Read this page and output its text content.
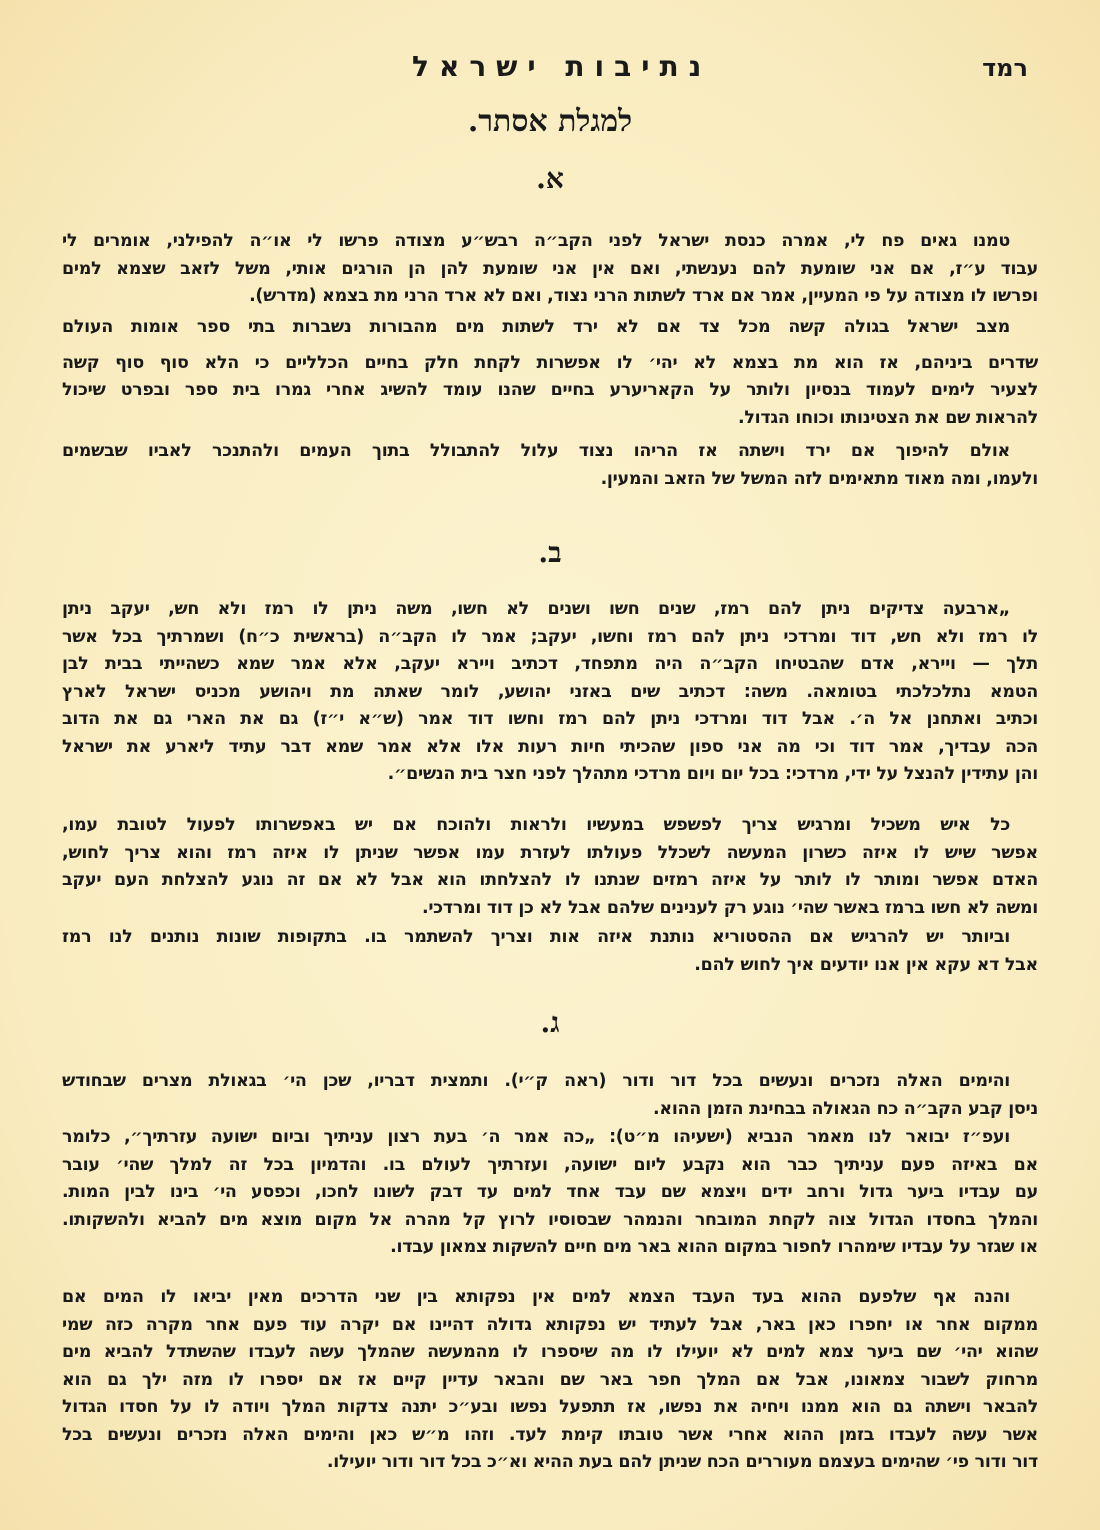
רמד
נתיבות ישראל
למגלת אסתר.
א.
טמנו גאים פח לי, אמרה כנסת ישראל לפני הקב״ה רבש״ע מצודה פרשו לי או״ה להפילני, אומרים לי
עבוד ע״ז, אם אני שומעת להם נענשתי, ואם אין אני שומעת להן הן הורגים אותי, משל לזאב שצמא למים
ופרשו לו מצודה על פי המעיין, אמר אם ארד לשתות הרני נצוד, ואם לא ארד הרני מת בצמא (מדרש).
מצב ישראל בגולה קשה מכל צד אם לא ירד לשתות מים מהבורות נשברות בתי ספר אומות העולם
שדרים ביניהם, אז הוא מת בצמא לא יהי׳ לו אפשרות לקחת חלק בחיים הכלליים כי הלא סוף סוף קשה
לצעיר לימים לעמוד בנסיון ולותר על הקאריערע בחיים שהנו עומד להשיג אחרי גמרו בית ספר ובפרט שיכול
להראות שם את הצטינותו וכוחו הגדול.
אולם להיפוך אם ירד וישתה אז הריהו נצוד עלול להתבולל בתוך העמים ולהתנכר לאביו שבשמים
ולעמו, ומה מאוד מתאימים לזה המשל של הזאב והמעין.
ב.
„ארבעה צדיקים ניתן להם רמז, שנים חשו ושנים לא חשו, משה ניתן לו רמז ולא חש, יעקב ניתן
לו רמז ולא חש, דוד ומרדכי ניתן להם רמז וחשו, יעקב; אמר לו הקב״ה (בראשית כ״ח) ושמרתיך בכל אשר
תלך — ויירא, אדם שהבטיחו הקב״ה היה מתפחד, דכתיב ויירא יעקב, אלא אמר שמא כשהייתי בבית לבן
הטמא נתלכלכתי בטומאה. משה: דכתיב שים באזני יהושע, לומר שאתה מת ויהושע מכניס ישראל לארץ
וכתיב ואתחנן אל ה׳. אבל דוד ומרדכי ניתן להם רמז וחשו דוד אמר (ש״א י״ז) גם את הארי גם את הדוב
הכה עבדיך, אמר דוד וכי מה אני ספון שהכיתי חיות רעות אלו אלא אמר שמא דבר עתיד ליארע את ישראל
והן עתידין להנצל על ידי, מרדכי: בכל יום ויום מרדכי מתהלך לפני חצר בית הנשים״.
כל איש משכיל ומרגיש צריך לפשפש במעשיו ולראות ולהוכח אם יש באפשרותו לפעול לטובת עמו,
אפשר שיש לו איזה כשרון המעשה לשכלל פעולתו לעזרת עמו אפשר שניתן לו איזה רמז והוא צריך לחוש,
האדם אפשר ומותר לו לותר על איזה רמזים שנתנו לו להצלחתו הוא אבל לא אם זה נוגע להצלחת העם יעקב
ומשה לא חשו ברמז באשר שהי׳ נוגע רק לענינים שלהם אבל לא כן דוד ומרדכי.
וביותר יש להרגיש אם ההסטוריא נותנת איזה אות וצריך להשתמר בו. בתקופות שונות נותנים לנו רמז
אבל דא עקא אין אנו יודעים איך לחוש להם.
ג.
והימים האלה נזכרים ונעשים בכל דור ודור (ראה ק״י). ותמצית דבריו, שכן הי׳ בגאולת מצרים שבחודש
ניסן קבע הקב״ה כח הגאולה בבחינת הזמן ההוא.
ועפ״ז יבואר לנו מאמר הנביא (ישעיהו מ״ט): „כה אמר ה׳ בעת רצון עניתיך וביום ישועה עזרתיך״, כלומר
אם באיזה פעם עניתיך כבר הוא נקבע ליום ישועה, ועזרתיך לעולם בו. והדמיון בכל זה למלך שהי׳ עובר
עם עבדיו ביער גדול ורחב ידים ויצמא שם עבד אחד למים עד דבק לשונו לחכו, וכפסע הי׳ בינו לבין המות.
והמלך בחסדו הגדול צוה לקחת המובחר והנמהר שבסוסיו לרוץ קל מהרה אל מקום מוצא מים להביא ולהשקותו.
או שגזר על עבדיו שימהרו לחפור במקום ההוא באר מים חיים להשקות צמאון עבדו.
והנה אף שלפעם ההוא בעד העבד הצמא למים אין נפקותא בין שני הדרכים מאין יביאו לו המים אם
ממקום אחר או יחפרו כאן באר, אבל לעתיד יש נפקותא גדולה דהיינו אם יקרה עוד פעם אחר מקרה כזה שמי
שהוא יהי׳ שם ביער צמא למים לא יועילו לו מה שיספרו לו מהמעשה שהמלך עשה לעבדו שהשתדל להביא מים
מרחוק לשבור צמאונו, אבל אם המלך חפר באר שם והבאר עדיין קיים אז אם יספרו לו מזה ילך גם הוא
להבאר וישתה גם הוא ממנו ויחיה את נפשו, אז תתפעל נפשו ובע״כ יתנה צדקות המלך ויודה לו על חסדו הגדול
אשר עשה לעבדו בזמן ההוא אחרי אשר טובתו קימת לעד. וזהו מ״ש כאן והימים האלה נזכרים ונעשים בכל
דור ודור פי׳ שהימים בעצמם מעוררים הכח שניתן להם בעת ההיא וא״כ בכל דור ודור יועילו.
